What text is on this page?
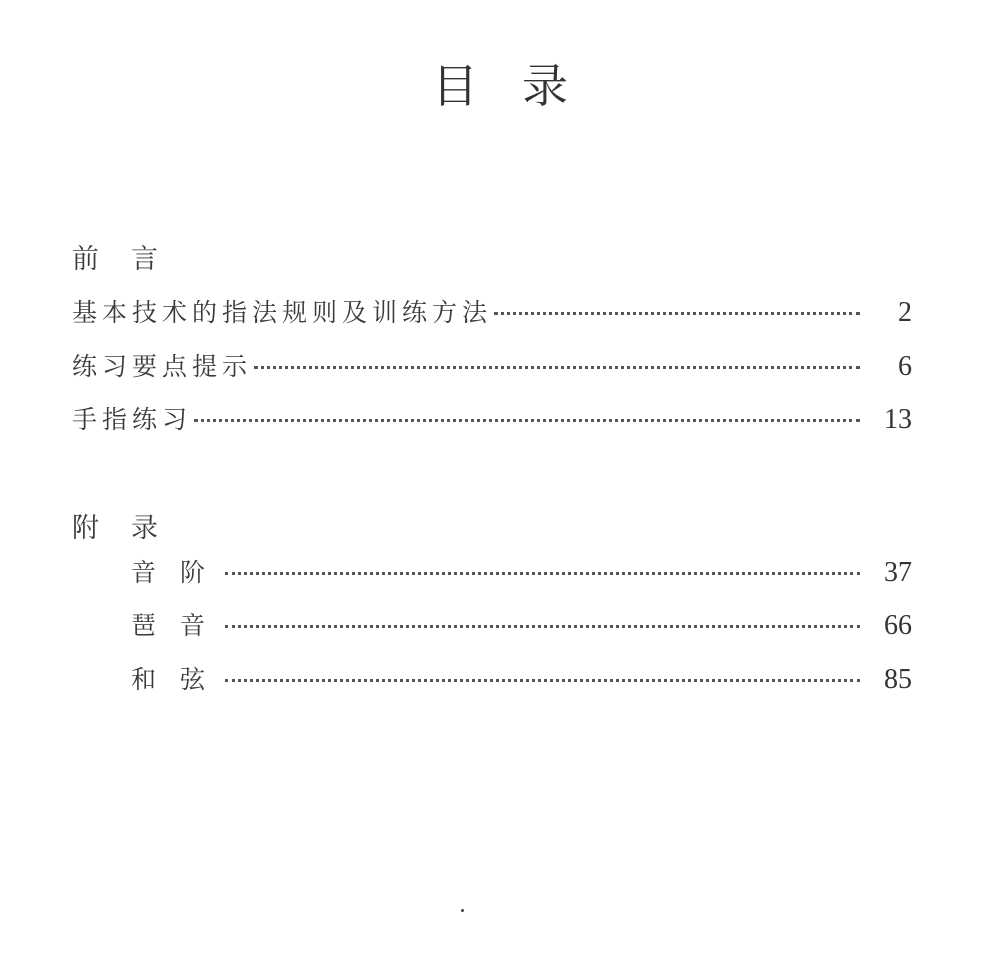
目录
前言
基本技术的指法规则及训练方法	2
练习要点提示	6
手指练习	13
附录
音阶	37
琶音	66
和弦	85
